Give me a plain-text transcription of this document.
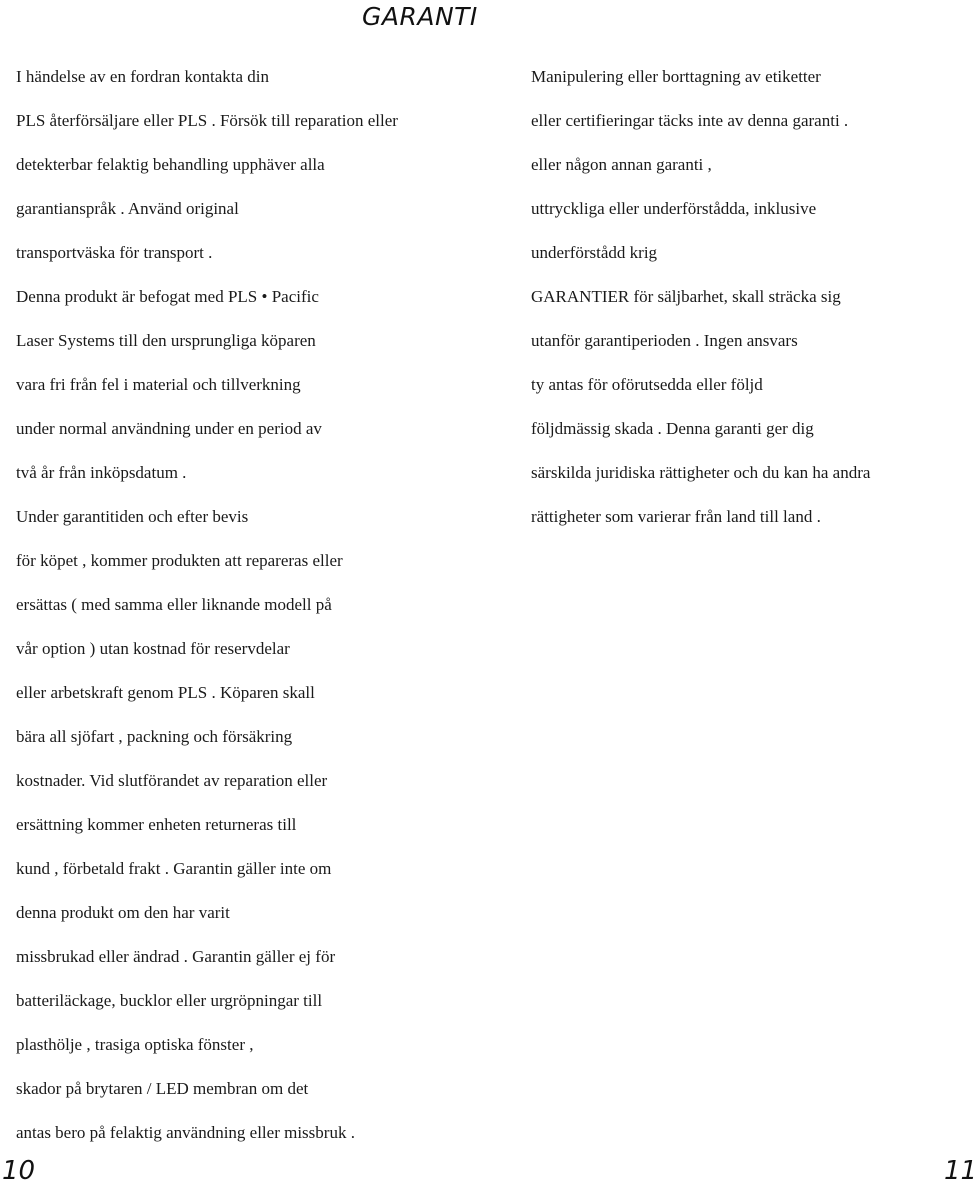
GARANTI
I händelse av en fordran kontakta din
PLS återförsäljare eller PLS . Försök till reparation eller
detekterbar felaktig behandling upphäver alla
garantianspråk . Använd original
transportväska för transport .
Denna produkt är befogat med PLS • Pacific
Laser Systems till den ursprungliga köparen
vara fri från fel i material och tillverkning
under normal användning under en period av
två år från inköpsdatum .
Under garantitiden och efter bevis
för köpet , kommer produkten att repareras eller
ersättas ( med samma eller liknande modell på
vår option ) utan kostnad för reservdelar
eller arbetskraft genom PLS . Köparen skall
bära all sjöfart , packning och försäkring
kostnader. Vid slutförandet av reparation eller
ersättning kommer enheten returneras till
kund , förbetald frakt . Garantin gäller inte om
denna produkt om den har varit
missbrukad eller ändrad . Garantin gäller ej för
batteriläckage, bucklor eller urgröpningar till
plasthölje , trasiga optiska fönster ,
skador på brytaren / LED membran om det
antas bero på felaktig användning eller missbruk .
Manipulering eller borttagning av etiketter
eller certifieringar täcks inte av denna garanti .
eller någon annan garanti ,
uttryckliga eller underförstådda, inklusive
underförstådd krig
GARANTIER för säljbarhet, skall sträcka sig
utanför garantiperioden . Ingen ansvars
ty antas för oförutsedda eller följd
följdmässig skada . Denna garanti ger dig
särskilda juridiska rättigheter och du kan ha andra
rättigheter som varierar från land till land .
10	11
